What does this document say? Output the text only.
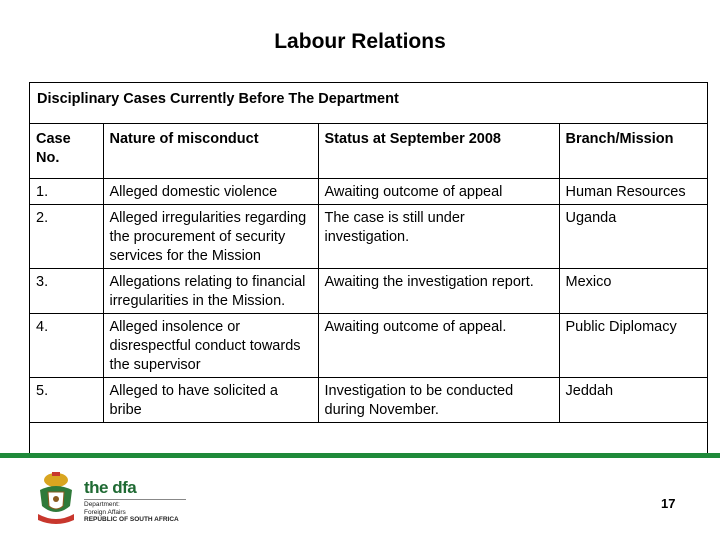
Labour Relations
Disciplinary Cases Currently Before The Department
Case No.	Nature of misconduct	Status at September 2008	Branch/Mission
1.	Alleged domestic violence	Awaiting outcome of appeal	Human Resources
2.	Alleged irregularities regarding the procurement of security services for the Mission	The case is still under investigation.	Uganda
3.	Allegations relating to financial irregularities in the Mission.	Awaiting the investigation report.	Mexico
4.	Alleged insolence or disrespectful conduct towards the supervisor	Awaiting outcome of appeal.	Public Diplomacy
5.	Alleged to have solicited a bribe	Investigation to be conducted during November.	Jeddah
the dfa
Department:
Foreign Affairs
REPUBLIC OF SOUTH AFRICA
17
